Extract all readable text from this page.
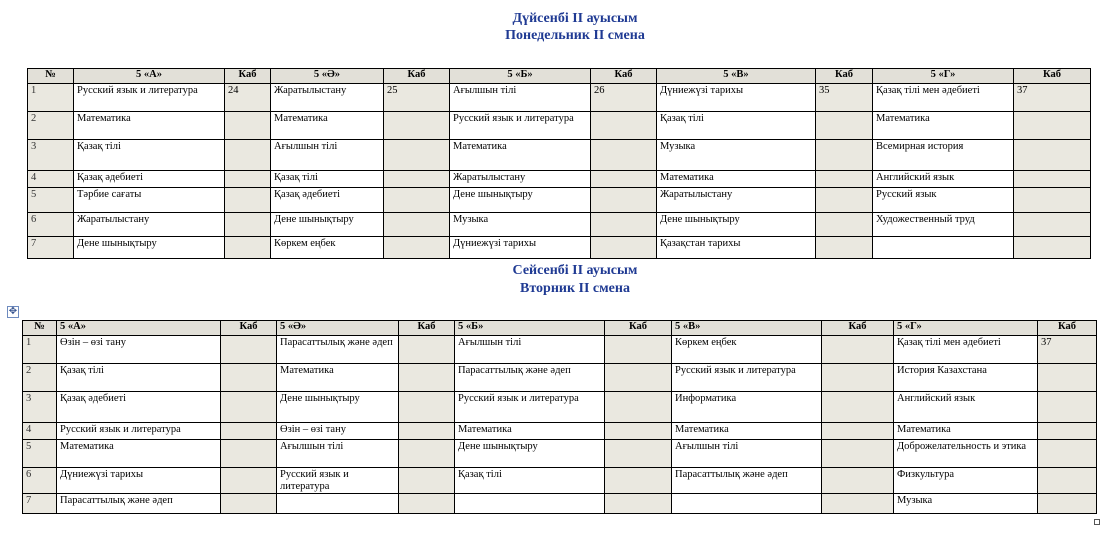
Дүйсенбі II ауысым
Понедельник II смена
№	5 «А»	Каб	5 «Ә»	Каб	5 «Б»	Каб	5 «В»	Каб	5 «Г»	Каб
1	Русский язык и литература	24	Жаратылыстану	25	Ағылшын тілі	26	Дүниежүзі тарихы	35	Қазақ тілі мен әдебиеті	37
2	Математика		Математика		Русский язык и литература		Қазақ тілі		Математика	
3	Қазақ тілі		Ағылшын тілі		Математика		Музыка		Всемирная история	
4	Қазақ әдебиеті		Қазақ тілі		Жаратылыстану		Математика		Английский язык	
5	Тәрбие сағаты		Қазақ әдебиеті		Дене шынықтыру		Жаратылыстану		Русский язык	
6	Жаратылыстану		Дене шынықтыру		Музыка		Дене шынықтыру		Художественный труд	
7	Дене шынықтыру		Көркем еңбек		Дүниежүзі тарихы		Қазақстан тарихы			
Сейсенбі II ауысым
Вторник II смена
✥
№	5 «А»	Каб	5 «Ә»	Каб	5 «Б»	Каб	5 «В»	Каб	5 «Г»	Каб
1	Өзін – өзі тану		Парасаттылық және әдеп		Ағылшын тілі		Көркем еңбек		Қазақ тілі мен әдебиеті	37
2	Қазақ тілі		Математика		Парасаттылық және әдеп		Русский язык и литература		История Казахстана	
3	Қазақ әдебиеті		Дене шынықтыру		Русский язык и литература		Информатика		Английский язык	
4	Русский язык и литература		Өзін – өзі тану		Математика		Математика		Математика	
5	Математика		Ағылшын тілі		Дене шынықтыру		Ағылшын тілі		Доброжелательность и этика	
6	Дүниежүзі тарихы		Русский язык и литература		Қазақ тілі		Парасаттылық және әдеп		Физкультура	
7	Парасаттылық және әдеп								Музыка	
